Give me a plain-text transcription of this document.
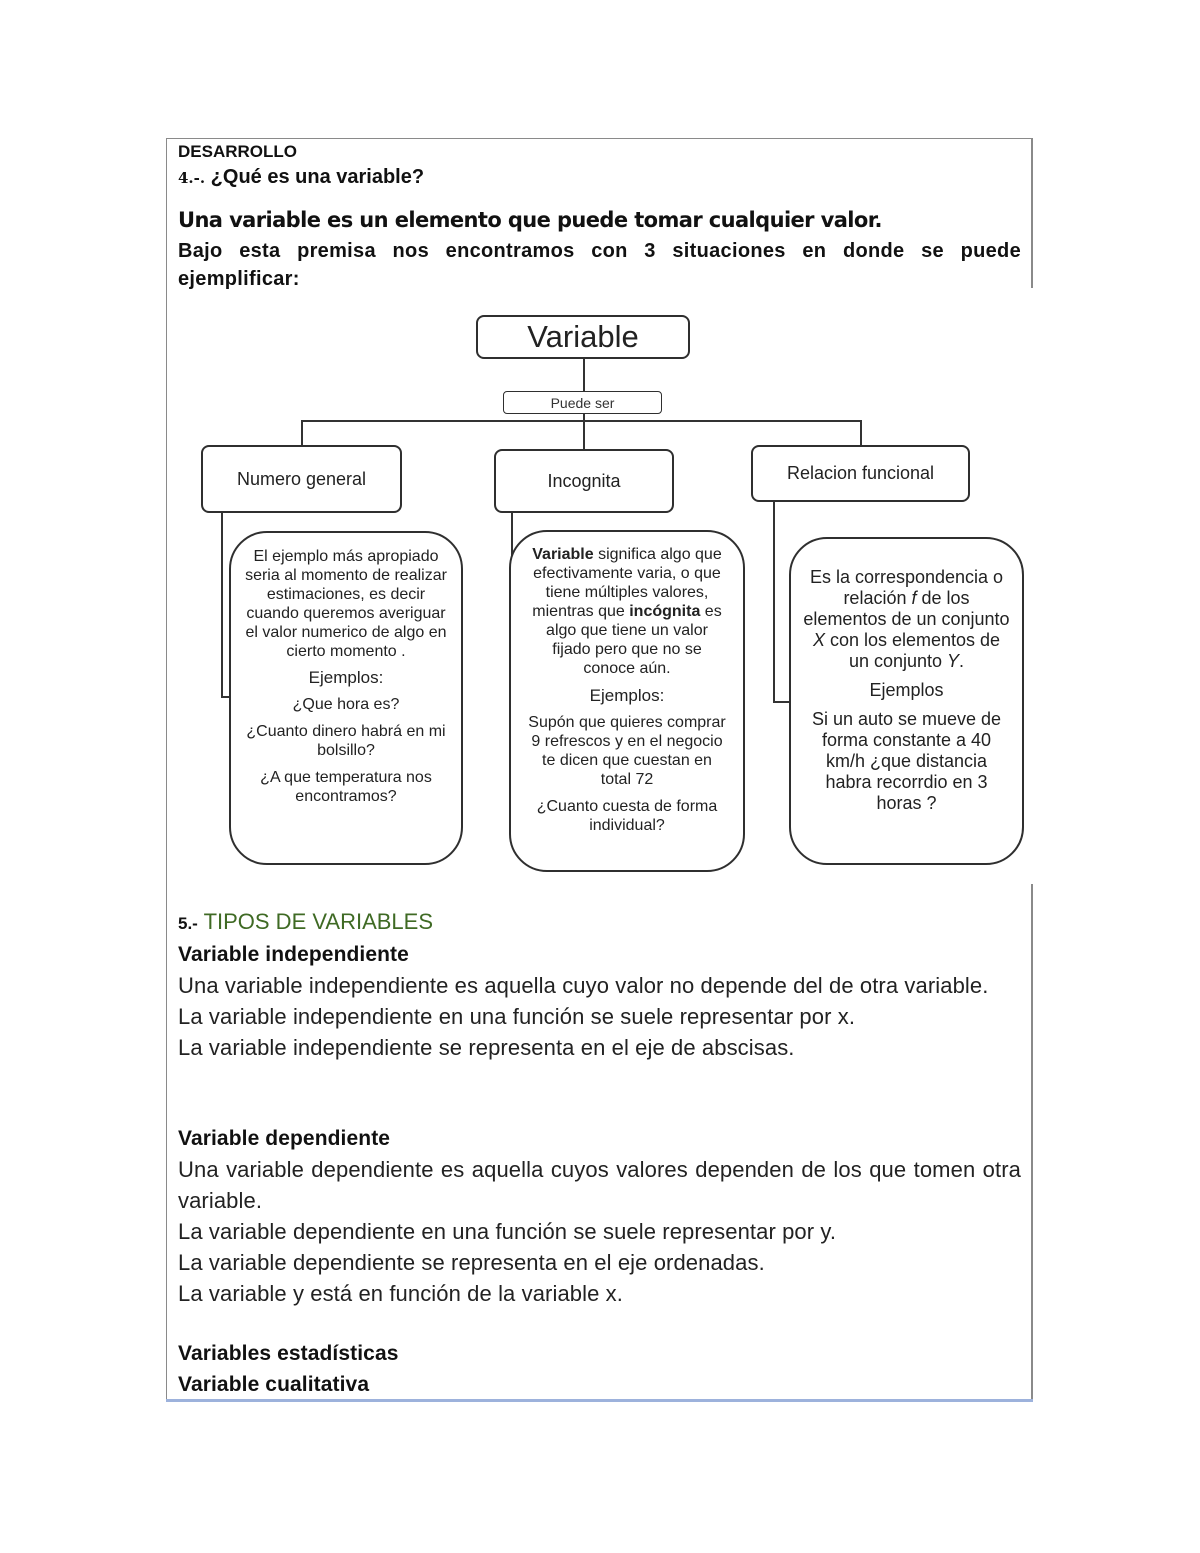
DESARROLLO
4.-. ¿Qué es una variable?
Una variable es un elemento que puede tomar cualquier valor.
Bajo esta premisa nos encontramos con 3 situaciones en donde se puede ejemplificar:
Variable
Puede ser
Numero general	Incognita	Relacion funcional

El ejemplo más apropiado seria al momento de realizar estimaciones, es decir cuando queremos averiguar el valor numerico de algo en cierto momento .

Ejemplos:

¿Que hora es?

¿Cuanto dinero habrá en mi bolsillo?

¿A que temperatura nos encontramos?

Variable significa algo que efectivamente varia, o que tiene múltiples valores, mientras que incógnita es algo que tiene un valor fijado pero que no se conoce aún.

Ejemplos:

Supón que quieres comprar 9 refrescos y en el negocio te dicen que cuestan en total 72

¿Cuanto cuesta de forma individual?

Es la correspondencia o relación f de los elementos de un conjunto X con los elementos de un conjunto Y.

Ejemplos

Si un auto se mueve de forma constante a 40 km/h ¿que distancia habra recorrdio en 3 horas ?

5.- TIPOS DE VARIABLES
Variable independiente
Una variable independiente es aquella cuyo valor no depende del de otra variable.
La variable independiente en una función se suele representar por x.
La variable independiente se representa en el eje de abscisas.
Variable dependiente
Una variable dependiente es aquella cuyos valores dependen de los que tomen otra variable.
La variable dependiente en una función se suele representar por y.
La variable dependiente se representa en el eje ordenadas.
La variable y está en función de la variable x.
Variables estadísticas
Variable cualitativa
